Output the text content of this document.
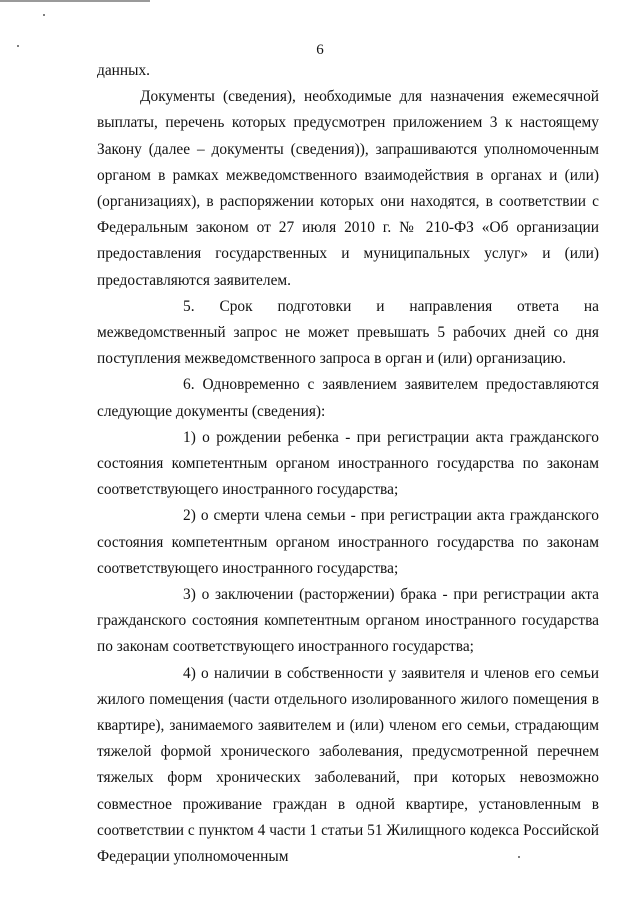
6

данных.

Документы (сведения), необходимые для назначения ежемесячной выплаты, перечень которых предусмотрен приложением 3 к настоящему Закону (далее – документы (сведения)), запрашиваются уполномоченным органом в рамках межведомственного взаимодействия в органах и (или) (организациях), в распоряжении которых они находятся, в соответствии с Федеральным законом от 27 июля 2010 г. № 210-ФЗ «Об организации предоставления государственных и муниципальных услуг» и (или) предоставляются заявителем.

5. Срок подготовки и направления ответа на межведомственный запрос не может превышать 5 рабочих дней со дня поступления межведомственного запроса в орган и (или) организацию.

6. Одновременно с заявлением заявителем предоставляются следующие документы (сведения):

1) о рождении ребенка - при регистрации акта гражданского состояния компетентным органом иностранного государства по законам соответствующего иностранного государства;

2) о смерти члена семьи - при регистрации акта гражданского состояния компетентным органом иностранного государства по законам соответствующего иностранного государства;

3) о заключении (расторжении) брака - при регистрации акта гражданского состояния компетентным органом иностранного государства по законам соответствующего иностранного государства;

4) о наличии в собственности у заявителя и членов его семьи жилого помещения (части отдельного изолированного жилого помещения в квартире), занимаемого заявителем и (или) членом его семьи, страдающим тяжелой формой хронического заболевания, предусмотренной перечнем тяжелых форм хронических заболеваний, при которых невозможно совместное проживание граждан в одной квартире, установленным в соответствии с пунктом 4 части 1 статьи 51 Жилищного кодекса Российской Федерации уполномоченным
